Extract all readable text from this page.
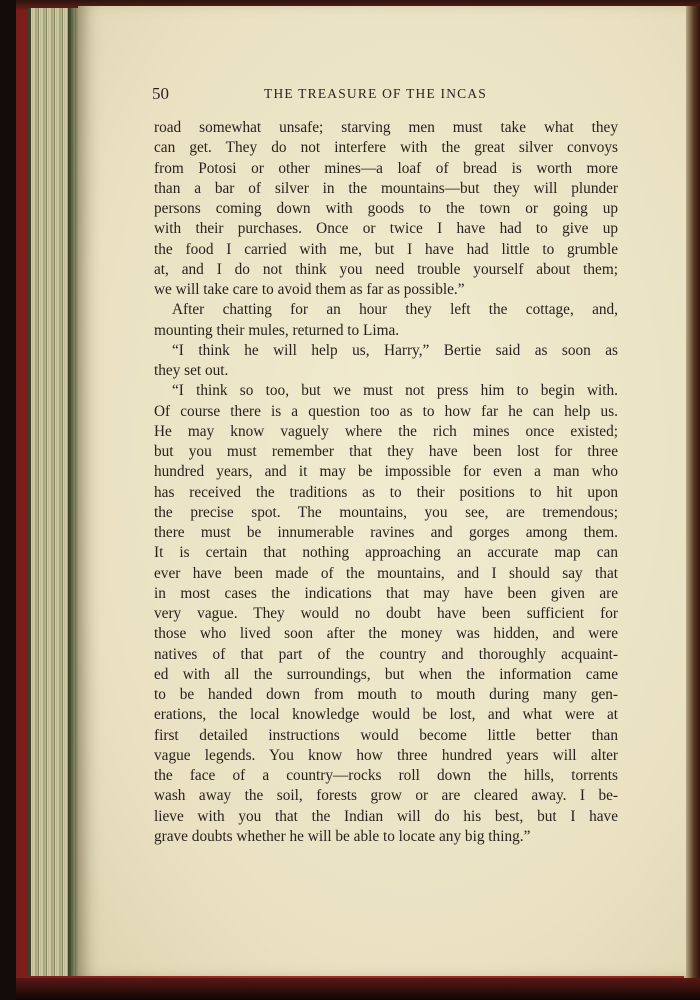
50	THE TREASURE OF THE INCAS

road somewhat unsafe; starving men must take what they
can get. They do not interfere with the great silver convoys
from Potosi or other mines—a loaf of bread is worth more
than a bar of silver in the mountains—but they will plunder
persons coming down with goods to the town or going up
with their purchases. Once or twice I have had to give up
the food I carried with me, but I have had little to grumble
at, and I do not think you need trouble yourself about them;
we will take care to avoid them as far as possible.”

After chatting for an hour they left the cottage, and,
mounting their mules, returned to Lima.

“I think he will help us, Harry,” Bertie said as soon as
they set out.

“I think so too, but we must not press him to begin with.
Of course there is a question too as to how far he can help us.
He may know vaguely where the rich mines once existed;
but you must remember that they have been lost for three
hundred years, and it may be impossible for even a man who
has received the traditions as to their positions to hit upon
the precise spot. The mountains, you see, are tremendous;
there must be innumerable ravines and gorges among them.
It is certain that nothing approaching an accurate map can
ever have been made of the mountains, and I should say that
in most cases the indications that may have been given are
very vague. They would no doubt have been sufficient for
those who lived soon after the money was hidden, and were
natives of that part of the country and thoroughly acquaint-
ed with all the surroundings, but when the information came
to be handed down from mouth to mouth during many gen-
erations, the local knowledge would be lost, and what were at
first detailed instructions would become little better than
vague legends. You know how three hundred years will alter
the face of a country—rocks roll down the hills, torrents
wash away the soil, forests grow or are cleared away. I be-
lieve with you that the Indian will do his best, but I have
grave doubts whether he will be able to locate any big thing.”
